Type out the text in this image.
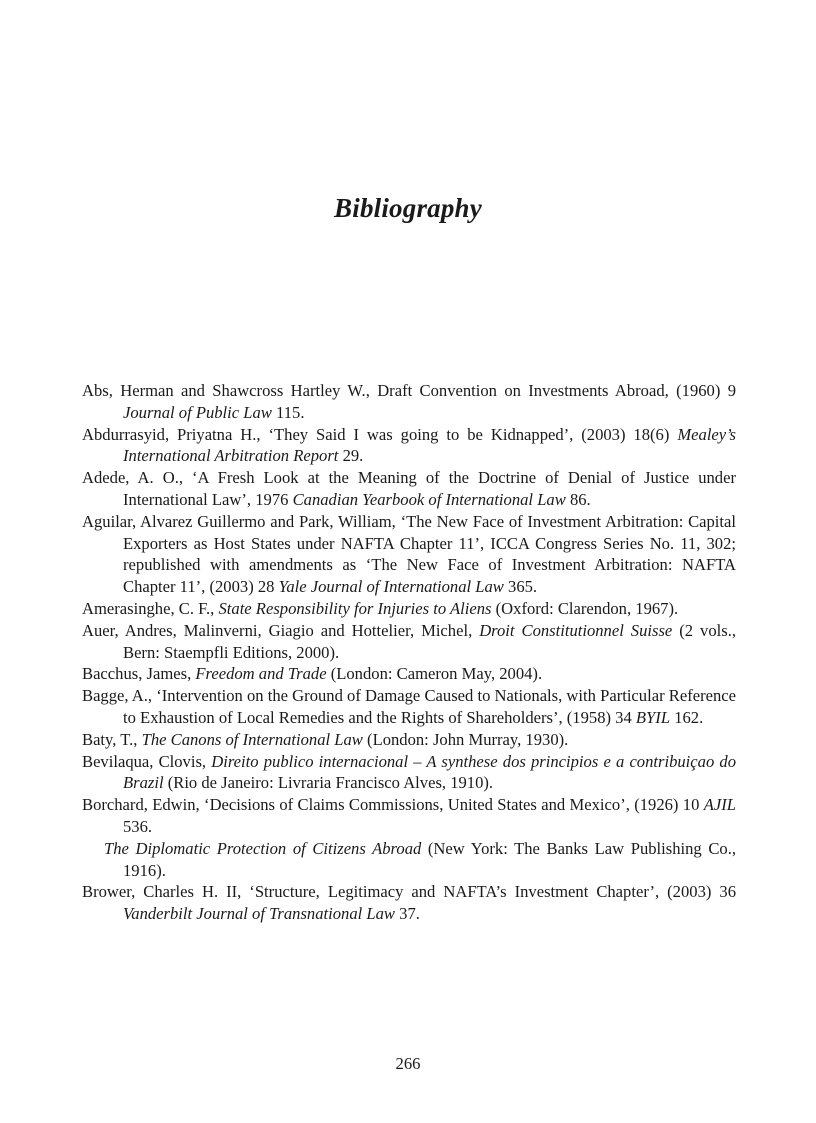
Bibliography
Abs, Herman and Shawcross Hartley W., Draft Convention on Investments Abroad, (1960) 9 Journal of Public Law 115.
Abdurrasyid, Priyatna H., ‘They Said I was going to be Kidnapped’, (2003) 18(6) Mealey’s International Arbitration Report 29.
Adede, A. O., ‘A Fresh Look at the Meaning of the Doctrine of Denial of Justice under International Law’, 1976 Canadian Yearbook of International Law 86.
Aguilar, Alvarez Guillermo and Park, William, ‘The New Face of Investment Arbitration: Capital Exporters as Host States under NAFTA Chapter 11’, ICCA Congress Series No. 11, 302; republished with amendments as ‘The New Face of Investment Arbitration: NAFTA Chapter 11’, (2003) 28 Yale Journal of International Law 365.
Amerasinghe, C. F., State Responsibility for Injuries to Aliens (Oxford: Clarendon, 1967).
Auer, Andres, Malinverni, Giagio and Hottelier, Michel, Droit Constitutionnel Suisse (2 vols., Bern: Staempfli Editions, 2000).
Bacchus, James, Freedom and Trade (London: Cameron May, 2004).
Bagge, A., ‘Intervention on the Ground of Damage Caused to Nationals, with Particular Reference to Exhaustion of Local Remedies and the Rights of Shareholders’, (1958) 34 BYIL 162.
Baty, T., The Canons of International Law (London: John Murray, 1930).
Bevilaqua, Clovis, Direito publico internacional – A synthese dos principios e a contribuiçao do Brazil (Rio de Janeiro: Livraria Francisco Alves, 1910).
Borchard, Edwin, ‘Decisions of Claims Commissions, United States and Mexico’, (1926) 10 AJIL 536.
The Diplomatic Protection of Citizens Abroad (New York: The Banks Law Publishing Co., 1916).
Brower, Charles H. II, ‘Structure, Legitimacy and NAFTA’s Investment Chapter’, (2003) 36 Vanderbilt Journal of Transnational Law 37.

266
